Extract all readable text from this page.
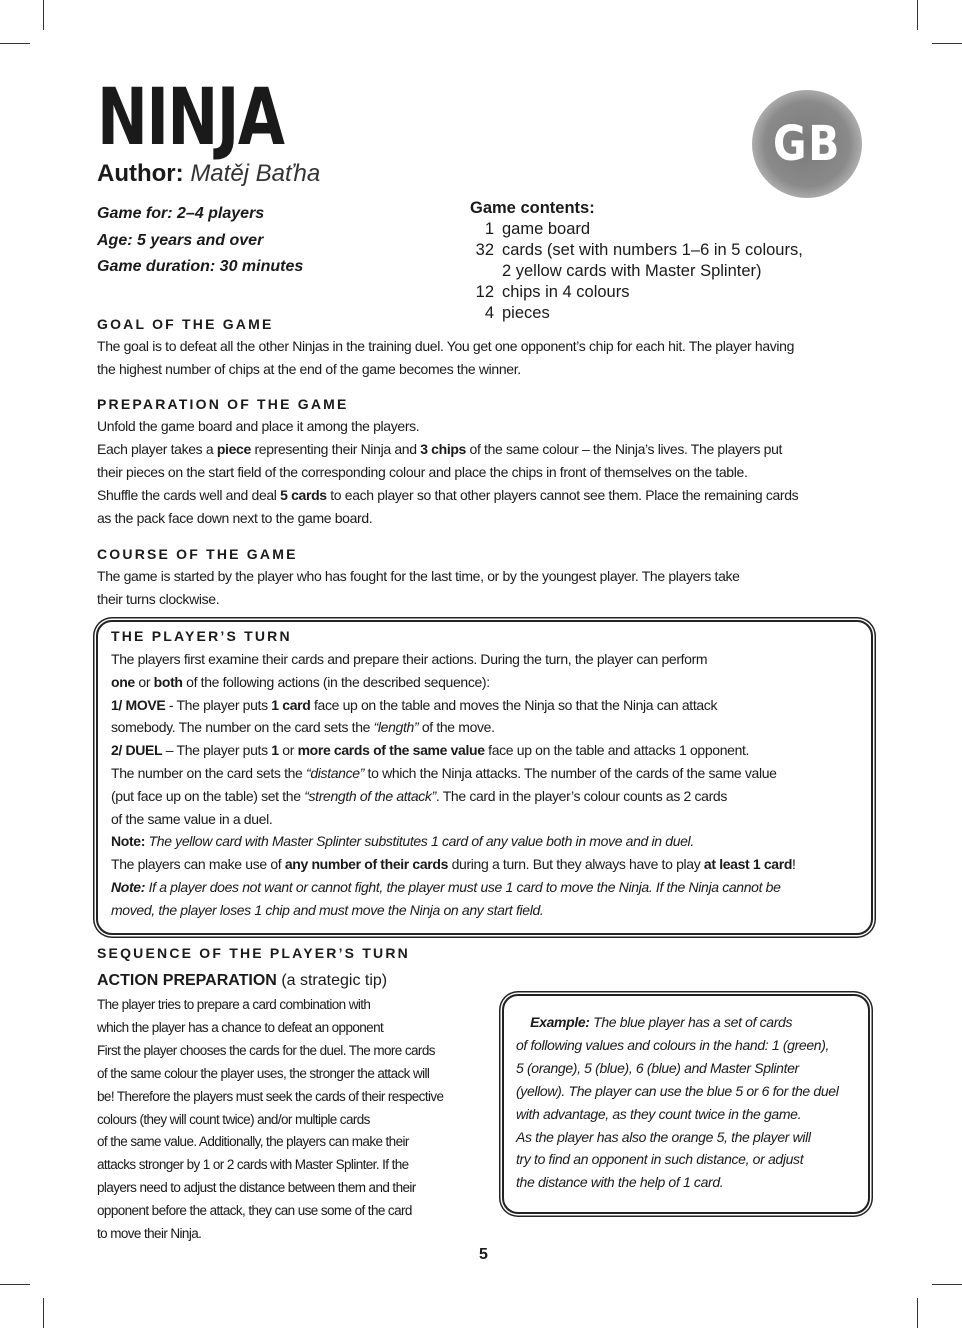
NINJA	GB
Author: Matěj Baťha
Game for: 2–4 players
Age: 5 years and over
Game duration: 30 minutes
Game contents:
1 game board
32 cards (set with numbers 1–6 in 5 colours,
2 yellow cards with Master Splinter)
12 chips in 4 colours
4 pieces
GOAL OF THE GAME
The goal is to defeat all the other Ninjas in the training duel. You get one opponent’s chip for each hit. The player having
the highest number of chips at the end of the game becomes the winner.
PREPARATION OF THE GAME
Unfold the game board and place it among the players.
Each player takes a piece representing their Ninja and 3 chips of the same colour – the Ninja’s lives. The players put
their pieces on the start field of the corresponding colour and place the chips in front of themselves on the table.
Shuffle the cards well and deal 5 cards to each player so that other players cannot see them. Place the remaining cards
as the pack face down next to the game board.
COURSE OF THE GAME
The game is started by the player who has fought for the last time, or by the youngest player. The players take
their turns clockwise.
THE PLAYER’S TURN
The players first examine their cards and prepare their actions. During the turn, the player can perform
one or both of the following actions (in the described sequence):
1/ MOVE - The player puts 1 card face up on the table and moves the Ninja so that the Ninja can attack
somebody. The number on the card sets the “length” of the move.
2/ DUEL – The player puts 1 or more cards of the same value face up on the table and attacks 1 opponent.
The number on the card sets the “distance” to which the Ninja attacks. The number of the cards of the same value
(put face up on the table) set the “strength of the attack”. The card in the player’s colour counts as 2 cards
of the same value in a duel.
Note: The yellow card with Master Splinter substitutes 1 card of any value both in move and in duel.
The players can make use of any number of their cards during a turn. But they always have to play at least 1 card!
Note: If a player does not want or cannot fight, the player must use 1 card to move the Ninja. If the Ninja cannot be
moved, the player loses 1 chip and must move the Ninja on any start field.
SEQUENCE OF THE PLAYER’S TURN
ACTION PREPARATION (a strategic tip)
The player tries to prepare a card combination with
which the player has a chance to defeat an opponent
First the player chooses the cards for the duel. The more cards
of the same colour the player uses, the stronger the attack will
be! Therefore the players must seek the cards of their respective
colours (they will count twice) and/or multiple cards
of the same value. Additionally, the players can make their
attacks stronger by 1 or 2 cards with Master Splinter. If the
players need to adjust the distance between them and their
opponent before the attack, they can use some of the card
to move their Ninja.
Example: The blue player has a set of cards
of following values and colours in the hand: 1 (green),
5 (orange), 5 (blue), 6 (blue) and Master Splinter
(yellow). The player can use the blue 5 or 6 for the duel
with advantage, as they count twice in the game.
As the player has also the orange 5, the player will
try to find an opponent in such distance, or adjust
the distance with the help of 1 card.
5
